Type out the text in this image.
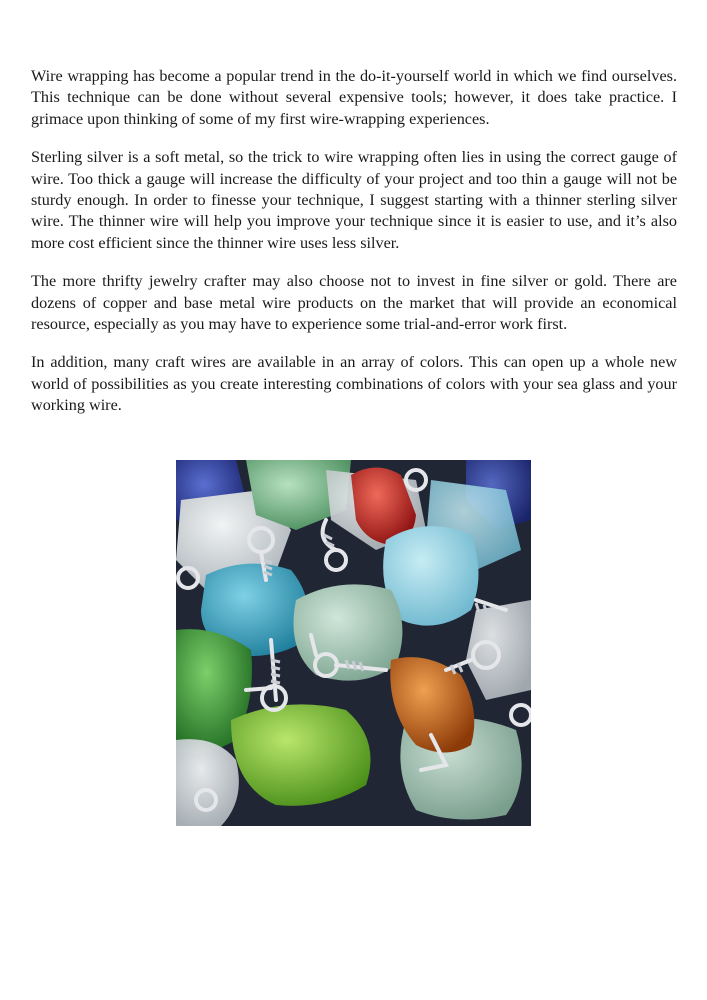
Wire wrapping has become a popular trend in the do-it-yourself world in which we find ourselves. This technique can be done without several expensive tools; however, it does take practice. I grimace upon thinking of some of my first wire-wrapping experiences.

Sterling silver is a soft metal, so the trick to wire wrapping often lies in using the correct gauge of wire. Too thick a gauge will increase the difficulty of your project and too thin a gauge will not be sturdy enough. In order to finesse your technique, I suggest starting with a thinner sterling silver wire. The thinner wire will help you improve your technique since it is easier to use, and it’s also more cost efficient since the thinner wire uses less silver.

The more thrifty jewelry crafter may also choose not to invest in fine silver or gold. There are dozens of copper and base metal wire products on the market that will provide an economical resource, especially as you may have to experience some trial-and-error work first.

In addition, many craft wires are available in an array of colors. This can open up a whole new world of possibilities as you create interesting combinations of colors with your sea glass and your working wire.
